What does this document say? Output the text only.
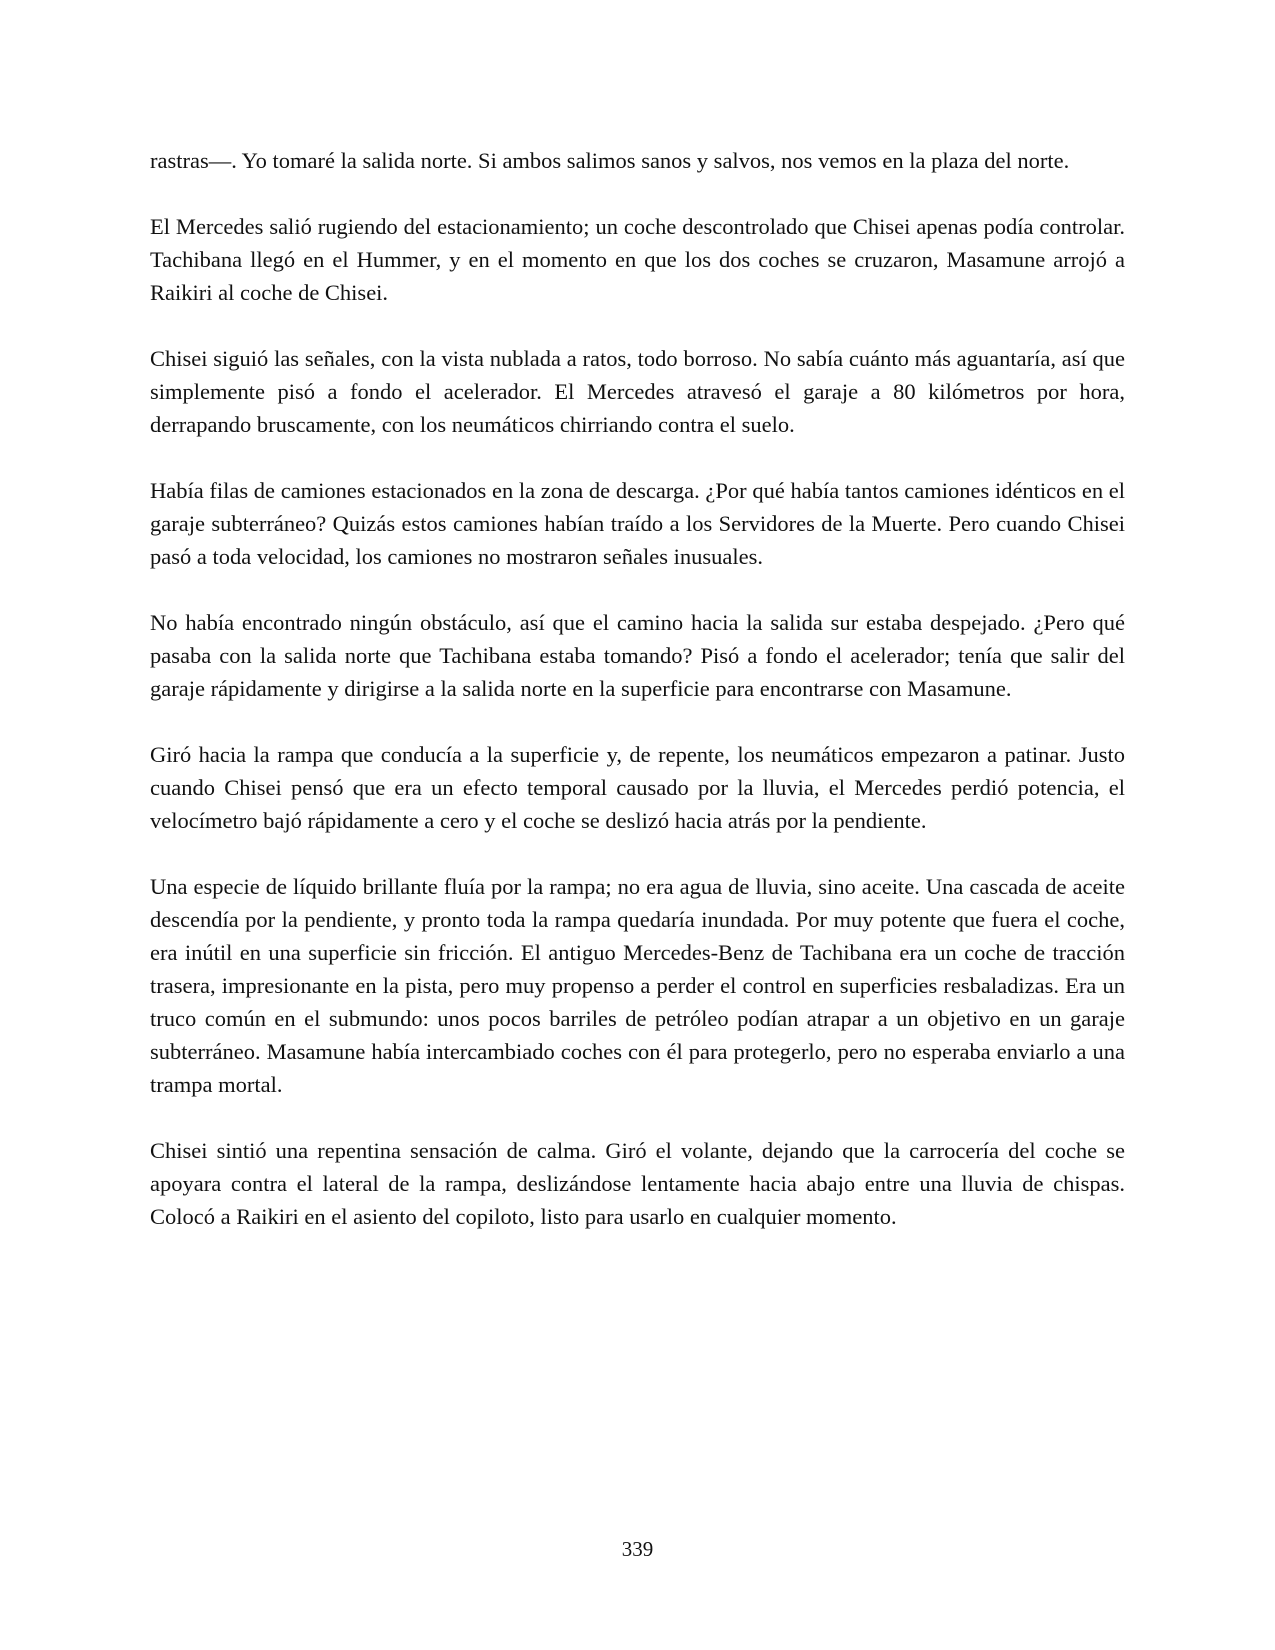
rastras—. Yo tomaré la salida norte. Si ambos salimos sanos y salvos, nos vemos en la plaza del norte.

El Mercedes salió rugiendo del estacionamiento; un coche descontrolado que Chisei apenas podía controlar. Tachibana llegó en el Hummer, y en el momento en que los dos coches se cruzaron, Masamune arrojó a Raikiri al coche de Chisei.

Chisei siguió las señales, con la vista nublada a ratos, todo borroso. No sabía cuánto más aguantaría, así que simplemente pisó a fondo el acelerador. El Mercedes atravesó el garaje a 80 kilómetros por hora, derrapando bruscamente, con los neumáticos chirriando contra el suelo.

Había filas de camiones estacionados en la zona de descarga. ¿Por qué había tantos camiones idénticos en el garaje subterráneo? Quizás estos camiones habían traído a los Servidores de la Muerte. Pero cuando Chisei pasó a toda velocidad, los camiones no mostraron señales inusuales.

No había encontrado ningún obstáculo, así que el camino hacia la salida sur estaba despejado. ¿Pero qué pasaba con la salida norte que Tachibana estaba tomando? Pisó a fondo el acelerador; tenía que salir del garaje rápidamente y dirigirse a la salida norte en la superficie para encontrarse con Masamune.

Giró hacia la rampa que conducía a la superficie y, de repente, los neumáticos empezaron a patinar. Justo cuando Chisei pensó que era un efecto temporal causado por la lluvia, el Mercedes perdió potencia, el velocímetro bajó rápidamente a cero y el coche se deslizó hacia atrás por la pendiente.

Una especie de líquido brillante fluía por la rampa; no era agua de lluvia, sino aceite. Una cascada de aceite descendía por la pendiente, y pronto toda la rampa quedaría inundada. Por muy potente que fuera el coche, era inútil en una superficie sin fricción. El antiguo Mercedes-Benz de Tachibana era un coche de tracción trasera, impresionante en la pista, pero muy propenso a perder el control en superficies resbaladizas. Era un truco común en el submundo: unos pocos barriles de petróleo podían atrapar a un objetivo en un garaje subterráneo. Masamune había intercambiado coches con él para protegerlo, pero no esperaba enviarlo a una trampa mortal.

Chisei sintió una repentina sensación de calma. Giró el volante, dejando que la carrocería del coche se apoyara contra el lateral de la rampa, deslizándose lentamente hacia abajo entre una lluvia de chispas. Colocó a Raikiri en el asiento del copiloto, listo para usarlo en cualquier momento.

339
